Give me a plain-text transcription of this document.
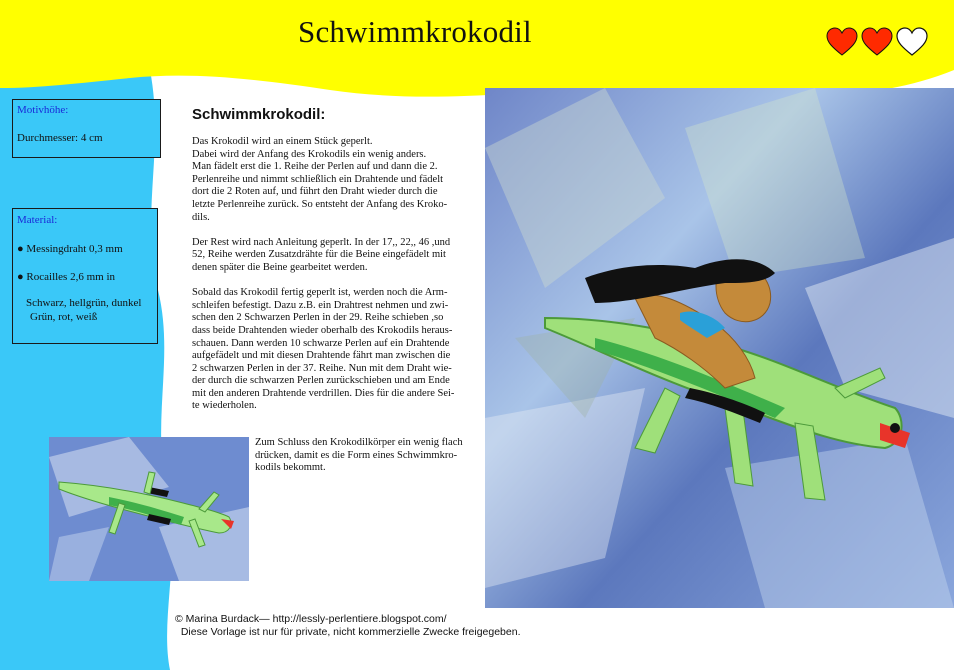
Schwimmkrokodil

Motivhöhe:

Durchmesser: 4 cm

Material:

● Messingdraht 0,3 mm

● Rocailles 2,6 mm in

Schwarz, hellgrün, dunkel

Grün, rot, weiß

Schwimmkrokodil:

Das Krokodil wird an einem Stück geperlt.
Dabei wird der Anfang des Krokodils ein wenig anders.
Man fädelt erst die 1. Reihe der Perlen auf und dann die 2.
Perlenreihe und nimmt schließlich ein Drahtende und fädelt
dort die 2 Roten auf, und führt den Draht wieder durch die
letzte Perlenreihe zurück. So entsteht der Anfang des Kroko-
dils.

Der Rest wird nach Anleitung geperlt. In der 17,, 22,, 46 ,und
52, Reihe werden Zusatzdrähte für die Beine eingefädelt mit
denen später die Beine gearbeitet werden.

Sobald das Krokodil fertig geperlt ist, werden noch die Arm-
schleifen befestigt. Dazu z.B. ein Drahtrest nehmen und zwi-
schen den 2 Schwarzen Perlen in der 29. Reihe schieben ,so
dass beide Drahtenden wieder oberhalb des Krokodils heraus-
schauen. Dann werden 10 schwarze Perlen auf ein Drahtende
aufgefädelt und mit diesen Drahtende fährt man zwischen die
2 schwarzen Perlen in der 37. Reihe. Nun mit dem Draht wie-
der durch die schwarzen Perlen zurückschieben und am Ende
mit den anderen Drahtende verdrillen. Dies für die andere Sei-
te wiederholen.

Zum Schluss den Krokodilkörper ein wenig flach
drücken, damit es die Form eines Schwimmkro-
kodils bekommt.
© Marina Burdack— http://lessly-perlentiere.blogspot.com/
Diese Vorlage ist nur für private, nicht kommerzielle Zwecke freigegeben.
